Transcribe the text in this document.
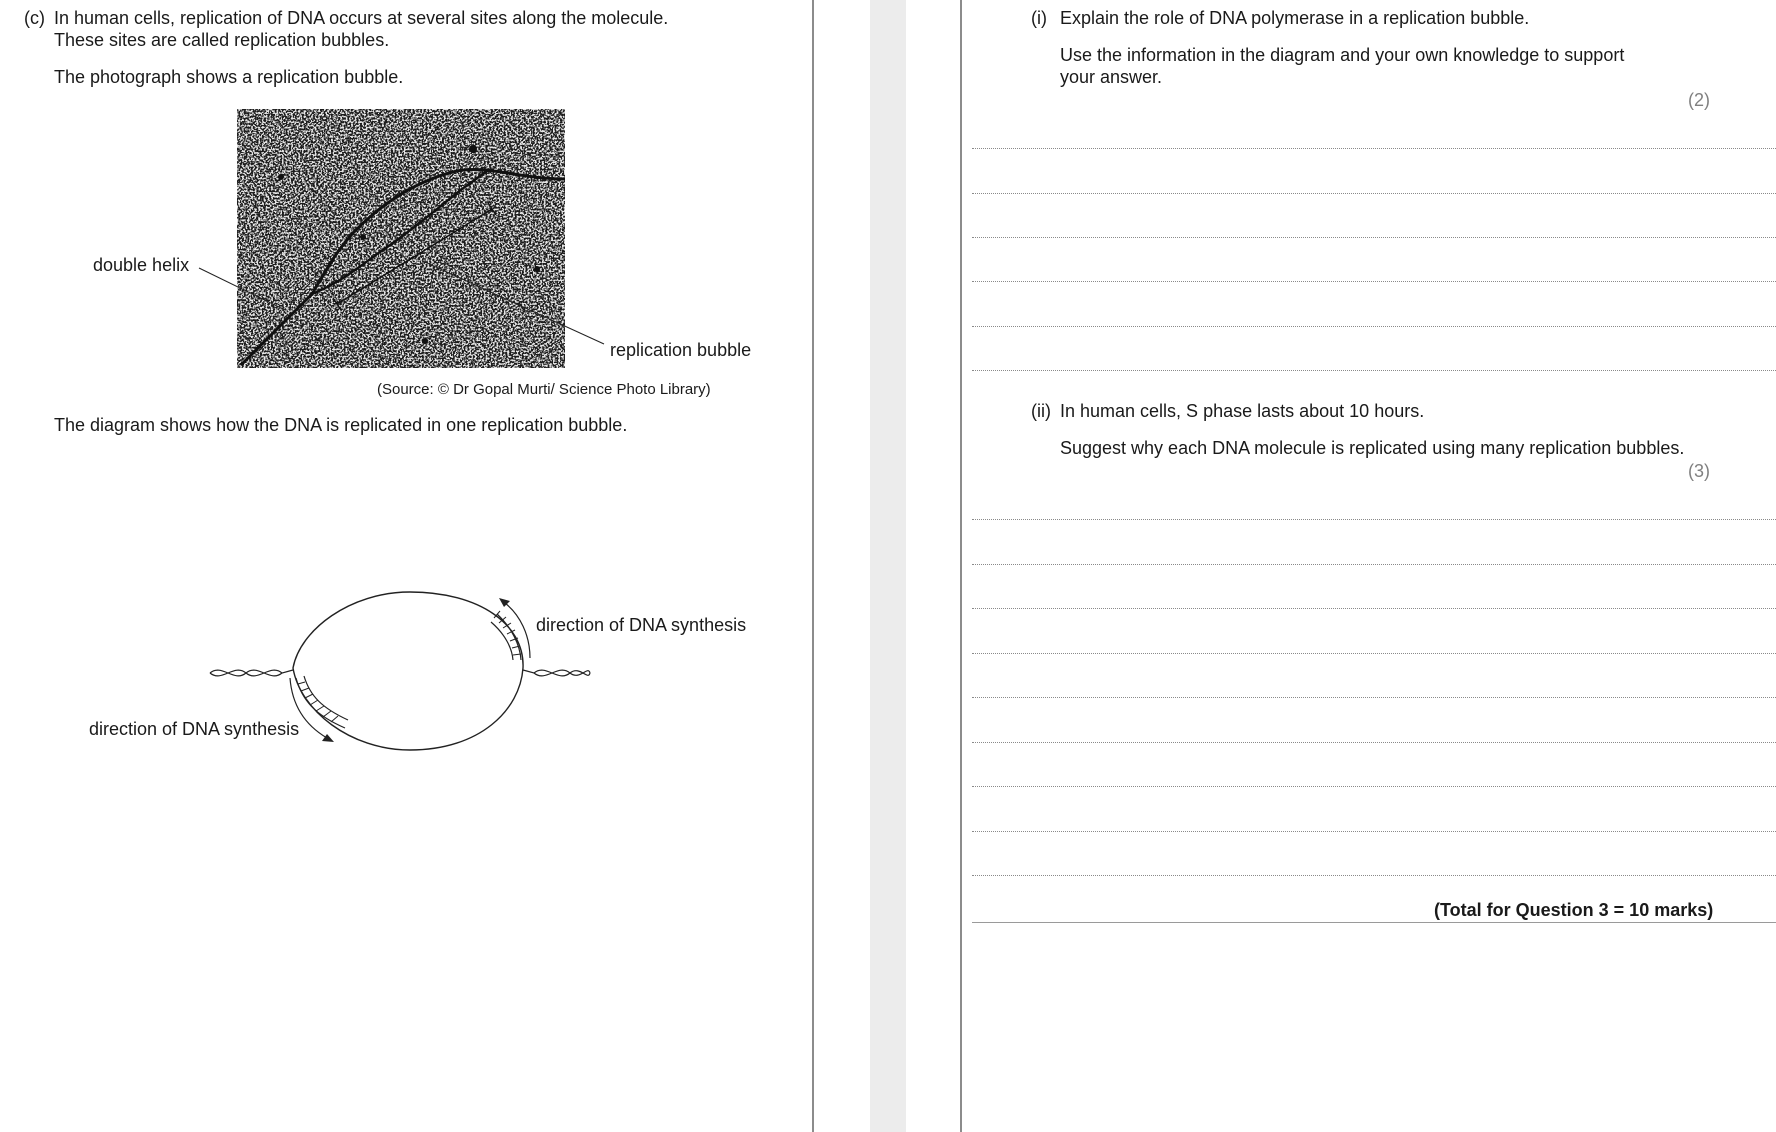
(c) In human cells, replication of DNA occurs at several sites along the molecule.
These sites are called replication bubbles.
The photograph shows a replication bubble.
double helix
replication bubble
(Source: © Dr Gopal Murti/ Science Photo Library)
The diagram shows how the DNA is replicated in one replication bubble.
direction of DNA synthesis
direction of DNA synthesis
(i) Explain the role of DNA polymerase in a replication bubble.
Use the information in the diagram and your own knowledge to support
your answer.
(2)
(ii) In human cells, S phase lasts about 10 hours.
Suggest why each DNA molecule is replicated using many replication bubbles.
(3)
(Total for Question 3 = 10 marks)
